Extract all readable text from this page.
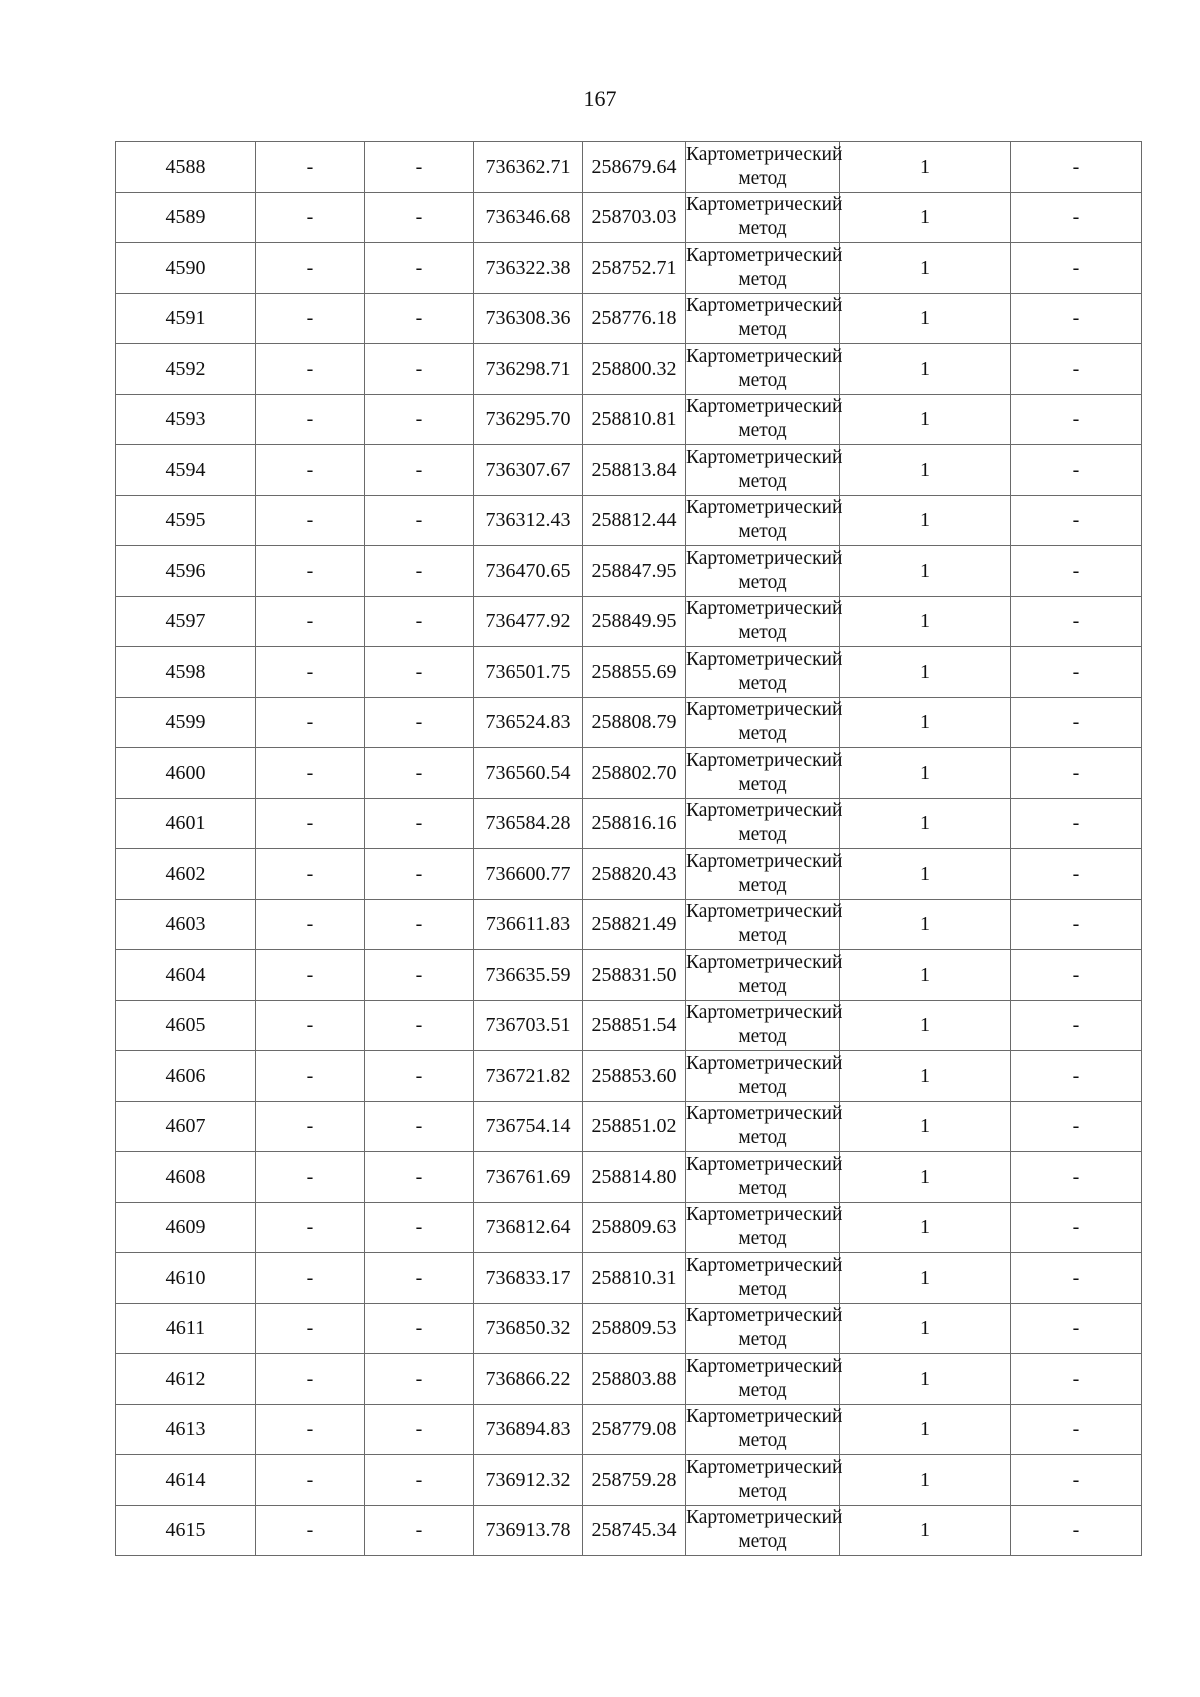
167
4588	-	-	736362.71	258679.64	Картометрический метод	1	-
4589	-	-	736346.68	258703.03	Картометрический метод	1	-
4590	-	-	736322.38	258752.71	Картометрический метод	1	-
4591	-	-	736308.36	258776.18	Картометрический метод	1	-
4592	-	-	736298.71	258800.32	Картометрический метод	1	-
4593	-	-	736295.70	258810.81	Картометрический метод	1	-
4594	-	-	736307.67	258813.84	Картометрический метод	1	-
4595	-	-	736312.43	258812.44	Картометрический метод	1	-
4596	-	-	736470.65	258847.95	Картометрический метод	1	-
4597	-	-	736477.92	258849.95	Картометрический метод	1	-
4598	-	-	736501.75	258855.69	Картометрический метод	1	-
4599	-	-	736524.83	258808.79	Картометрический метод	1	-
4600	-	-	736560.54	258802.70	Картометрический метод	1	-
4601	-	-	736584.28	258816.16	Картометрический метод	1	-
4602	-	-	736600.77	258820.43	Картометрический метод	1	-
4603	-	-	736611.83	258821.49	Картометрический метод	1	-
4604	-	-	736635.59	258831.50	Картометрический метод	1	-
4605	-	-	736703.51	258851.54	Картометрический метод	1	-
4606	-	-	736721.82	258853.60	Картометрический метод	1	-
4607	-	-	736754.14	258851.02	Картометрический метод	1	-
4608	-	-	736761.69	258814.80	Картометрический метод	1	-
4609	-	-	736812.64	258809.63	Картометрический метод	1	-
4610	-	-	736833.17	258810.31	Картометрический метод	1	-
4611	-	-	736850.32	258809.53	Картометрический метод	1	-
4612	-	-	736866.22	258803.88	Картометрический метод	1	-
4613	-	-	736894.83	258779.08	Картометрический метод	1	-
4614	-	-	736912.32	258759.28	Картометрический метод	1	-
4615	-	-	736913.78	258745.34	Картометрический метод	1	-
